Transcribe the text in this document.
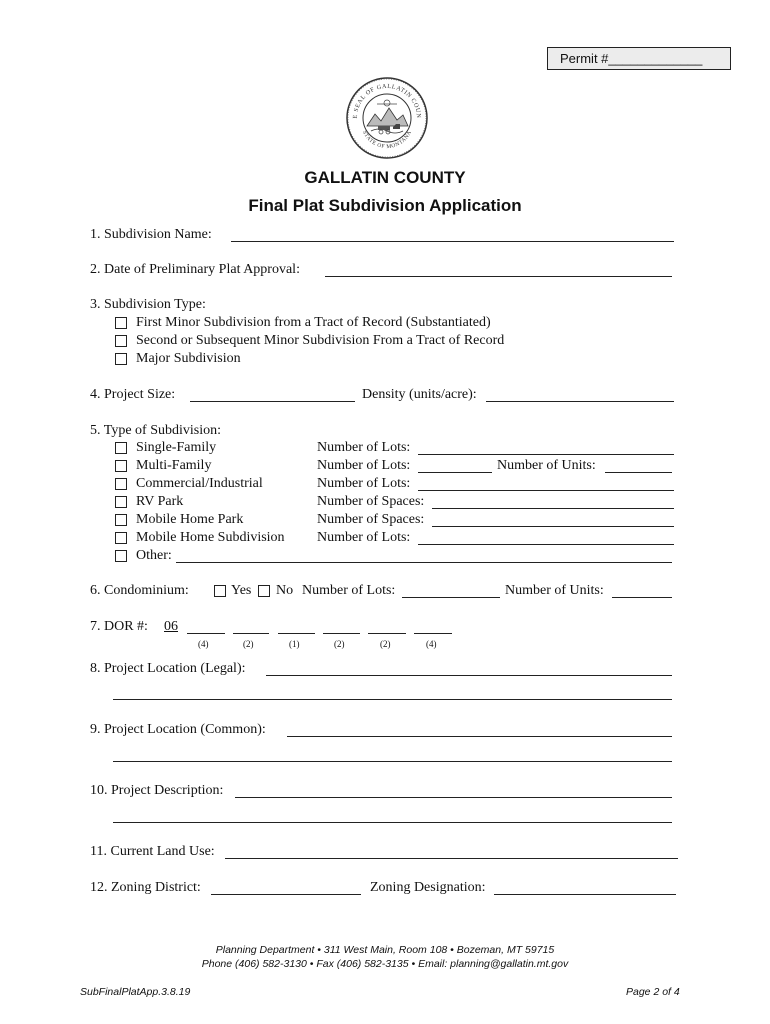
Permit #_____________
E SEAL OF GALLATIN COUN
STATE OF MONTANA
GALLATIN COUNTY
Final Plat Subdivision Application
1. Subdivision Name:
2. Date of Preliminary Plat Approval:
3. Subdivision Type:
First Minor Subdivision from a Tract of Record (Substantiated)
Second or Subsequent Minor Subdivision From a Tract of Record
Major Subdivision
4. Project Size:	Density (units/acre):
5. Type of Subdivision:
Single-Family	Number of Lots:
Multi-Family	Number of Lots:	Number of Units:
Commercial/Industrial	Number of Lots:
RV Park	Number of Spaces:
Mobile Home Park	Number of Spaces:
Mobile Home Subdivision Number of Lots:
Other:
6. Condominium:	Yes No Number of Lots:	Number of Units:
7. DOR #: 06
(4)	(2)	(1)	(2)	(2)	(4)
8. Project Location (Legal):
9. Project Location (Common):
10. Project Description:
11. Current Land Use:
12. Zoning District:	Zoning Designation:
Planning Department • 311 West Main, Room 108 • Bozeman, MT 59715
Phone (406) 582-3130 • Fax (406) 582-3135 • Email: planning@gallatin.mt.gov
SubFinalPlatApp.3.8.19	Page 2 of 4
